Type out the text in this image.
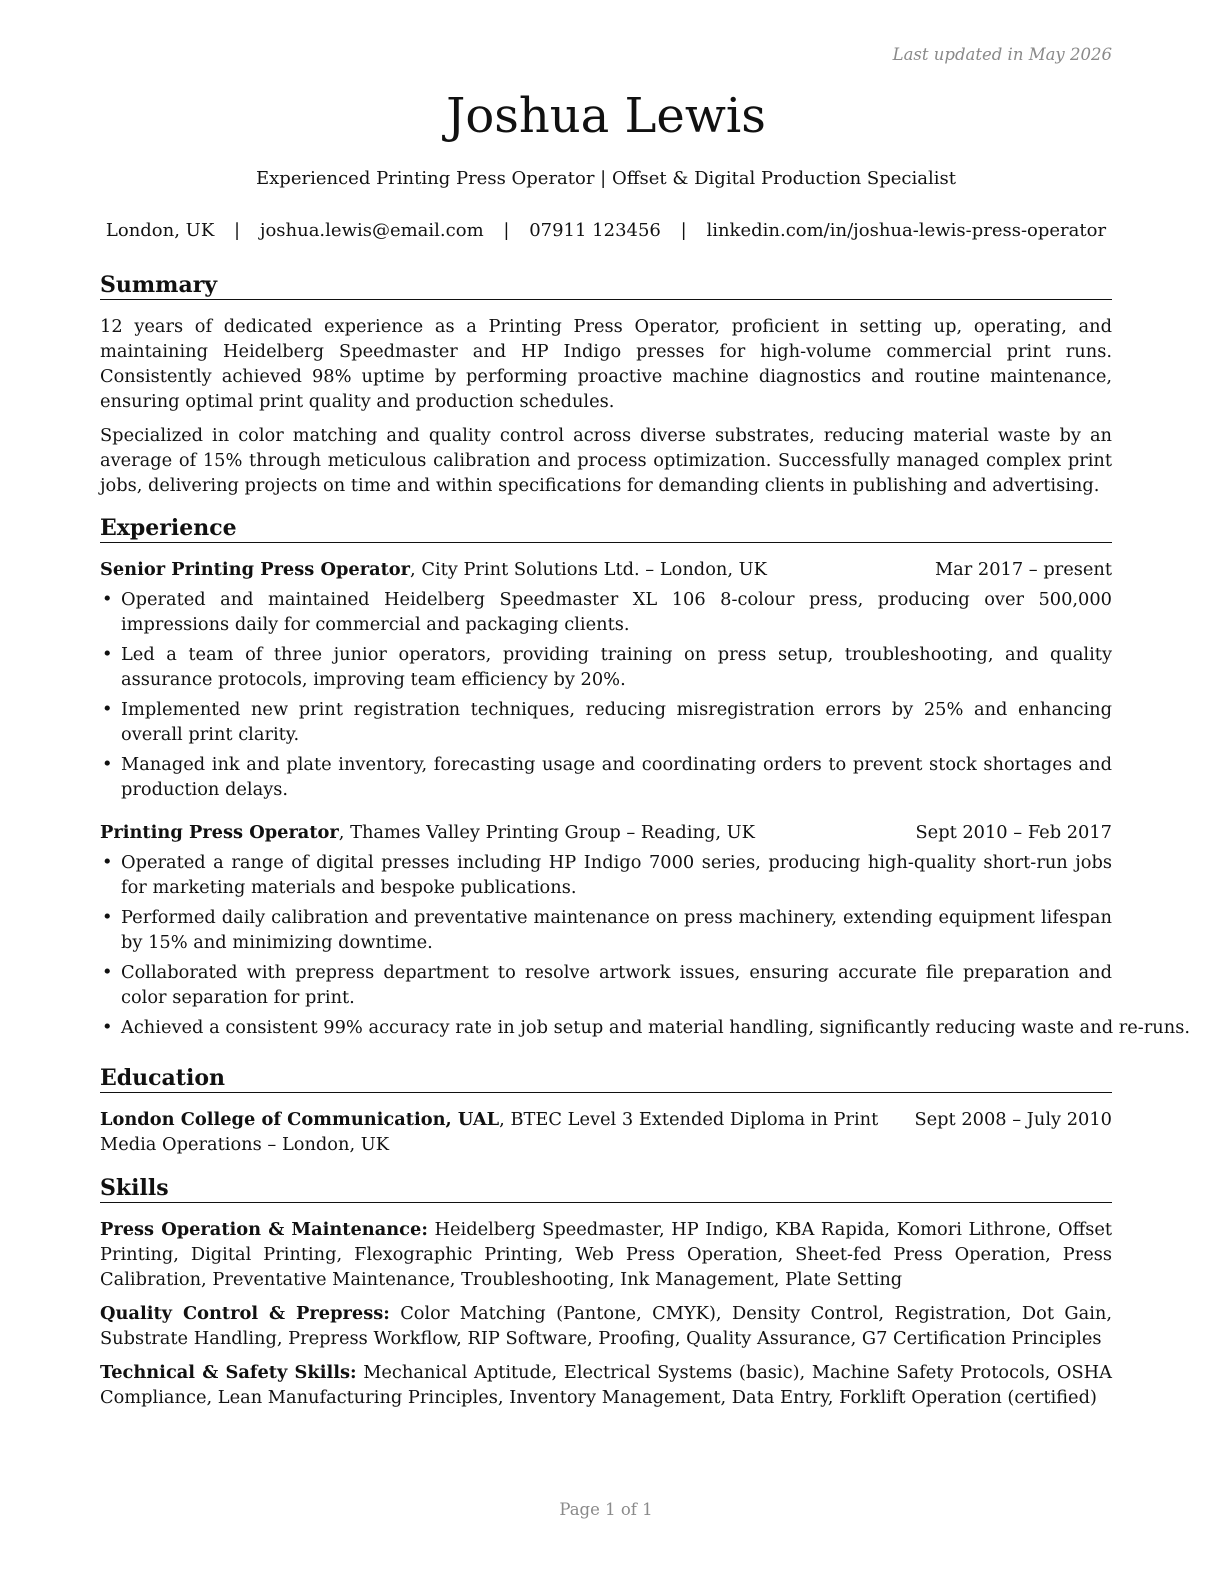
Last updated in May 2026
Joshua Lewis
Experienced Printing Press Operator | Offset & Digital Production Specialist
London, UK | joshua.lewis@email.com | 07911 123456 | linkedin.com/in/joshua-lewis-press-operator
Summary

12 years of dedicated experience as a Printing Press Operator, proficient in setting up, operating, and maintaining Heidelberg Speedmaster and HP Indigo presses for high-volume commercial print runs. Consistently achieved 98% uptime by performing proactive machine diagnostics and routine maintenance, ensuring optimal print quality and production schedules.

Specialized in color matching and quality control across diverse substrates, reducing material waste by an average of 15% through meticulous calibration and process optimization. Successfully managed complex print jobs, delivering projects on time and within specifications for demanding clients in publishing and advertising.

Experience
Senior Printing Press Operator, City Print Solutions Ltd. – London, UK	Mar 2017 – present
• Operated and maintained Heidelberg Speedmaster XL 106 8-colour press, producing over 500,000 impressions daily for commercial and packaging clients.
• Led a team of three junior operators, providing training on press setup, troubleshooting, and quality assurance protocols, improving team efficiency by 20%.
• Implemented new print registration techniques, reducing misregistration errors by 25% and enhancing overall print clarity.
• Managed ink and plate inventory, forecasting usage and coordinating orders to prevent stock shortages and production delays.
Printing Press Operator, Thames Valley Printing Group – Reading, UK	Sept 2010 – Feb 2017
• Operated a range of digital presses including HP Indigo 7000 series, producing high-quality short-run jobs for marketing materials and bespoke publications.
• Performed daily calibration and preventative maintenance on press machinery, extending equipment lifespan by 15% and minimizing downtime.
• Collaborated with prepress department to resolve artwork issues, ensuring accurate file preparation and color separation for print.
• Achieved a consistent 99% accuracy rate in job setup and material handling, significantly reducing waste and re-runs.
Education
London College of Communication, UAL, BTEC Level 3 Extended Diploma in Print Media Operations – London, UK
Sept 2008 – July 2010
Skills

Press Operation & Maintenance: Heidelberg Speedmaster, HP Indigo, KBA Rapida, Komori Lithrone, Offset Printing, Digital Printing, Flexographic Printing, Web Press Operation, Sheet-fed Press Operation, Press Calibration, Preventative Maintenance, Troubleshooting, Ink Management, Plate Setting

Quality Control & Prepress: Color Matching (Pantone, CMYK), Density Control, Registration, Dot Gain, Substrate Handling, Prepress Workflow, RIP Software, Proofing, Quality Assurance, G7 Certification Principles

Technical & Safety Skills: Mechanical Aptitude, Electrical Systems (basic), Machine Safety Protocols, OSHA Compliance, Lean Manufacturing Principles, Inventory Management, Data Entry, Forklift Operation (certified)

Page 1 of 1
